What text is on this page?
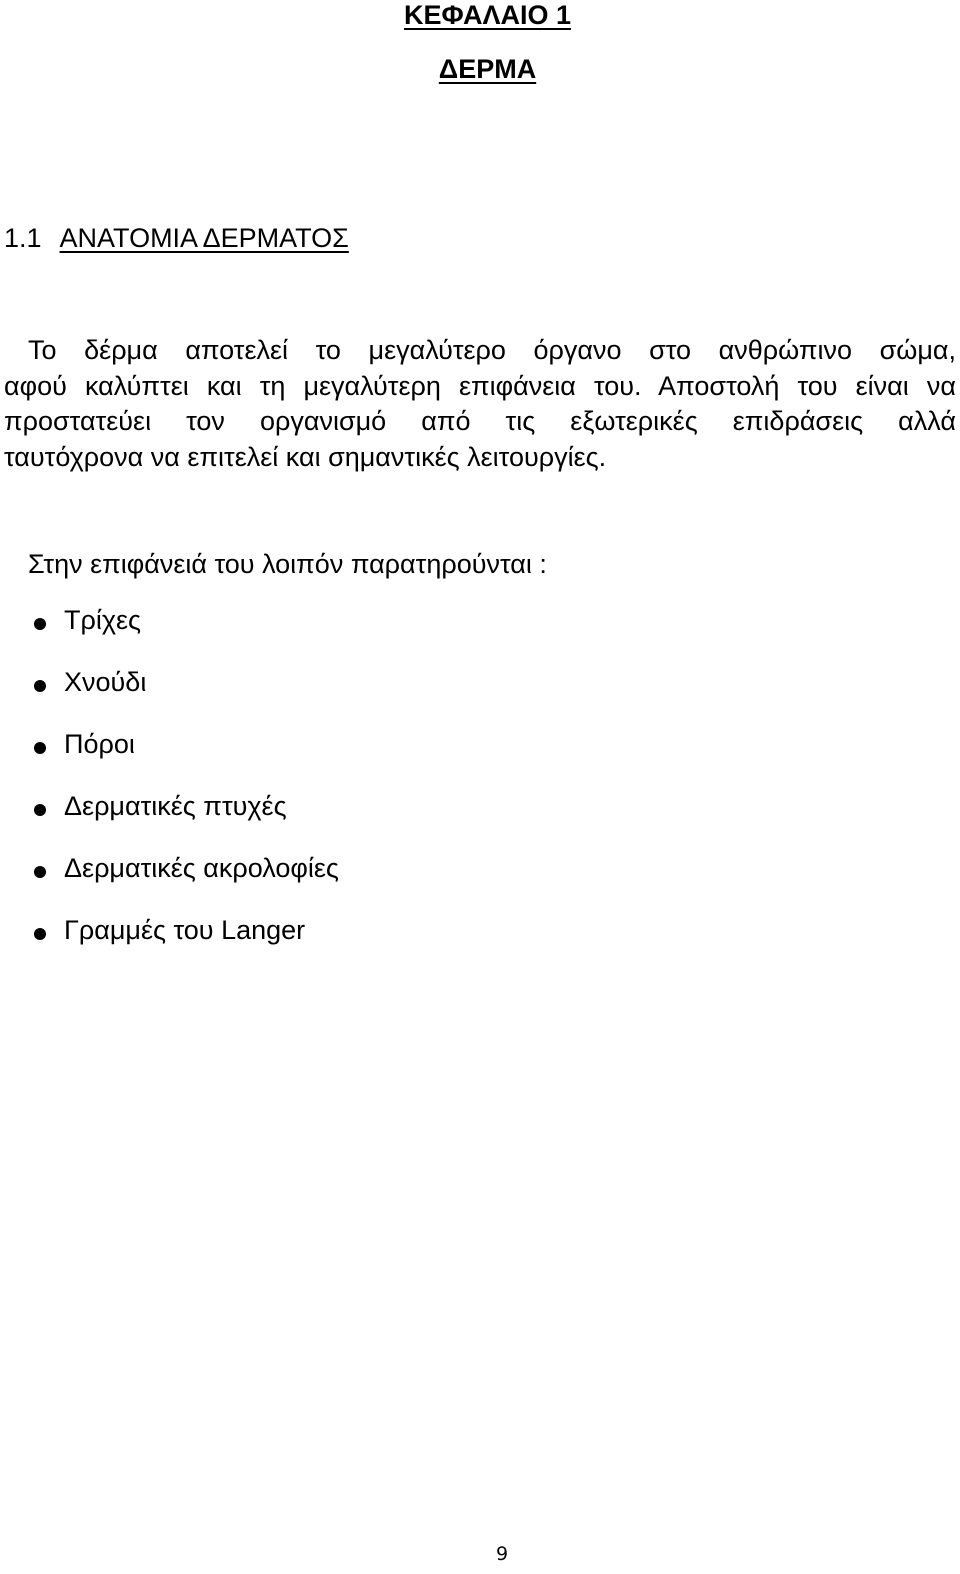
ΚΕΦΑΛΑΙΟ 1
ΔΕΡΜΑ
1.1 ΑΝΑΤΟΜΙΑ ΔΕΡΜΑΤΟΣ
Το δέρμα αποτελεί το μεγαλύτερο όργανο στο ανθρώπινο σώμα,
αφού καλύπτει και τη μεγαλύτερη επιφάνεια του. Αποστολή του είναι να
προστατεύει τον οργανισμό από τις εξωτερικές επιδράσεις αλλά
ταυτόχρονα να επιτελεί και σημαντικές λειτουργίες.
Στην επιφάνειά του λοιπόν παρατηρούνται :
Τρίχες
Χνούδι
Πόροι
Δερματικές πτυχές
Δερματικές ακρολοφίες
Γραμμές του Langer
9
